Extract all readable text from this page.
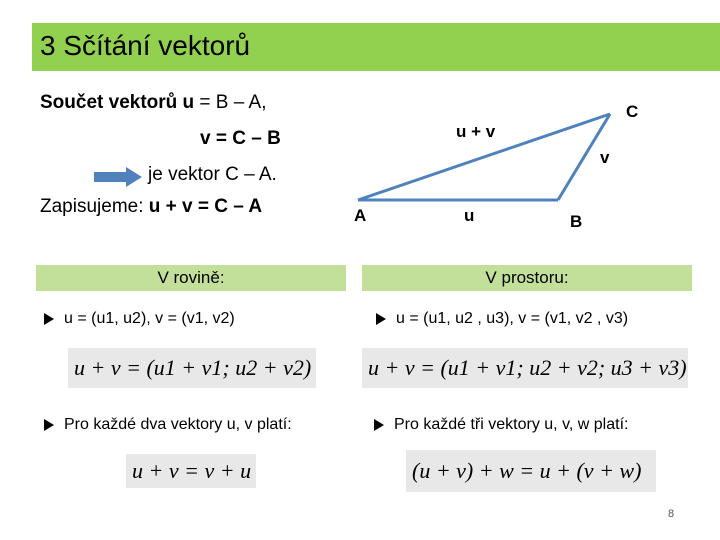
3 Sčítání vektorů
Součet vektorů u = B – A,
v = C – B
je vektor C – A.
Zapisujeme: u + v = C – A	A	u	B
C
v
u + v
V rovině:	V prostoru:
u = (u1, u2), v = (v1, v2)
u + v = (u1 + v1; u2 + v2)
Pro každé dva vektory u, v platí:
u + v = v + u
u = (u1, u2 , u3), v = (v1, v2 , v3)
u + v = (u1 + v1; u2 + v2; u3 + v3)
Pro každé tři vektory u, v, w platí:
(u + v) + w = u + (v + w)
8
